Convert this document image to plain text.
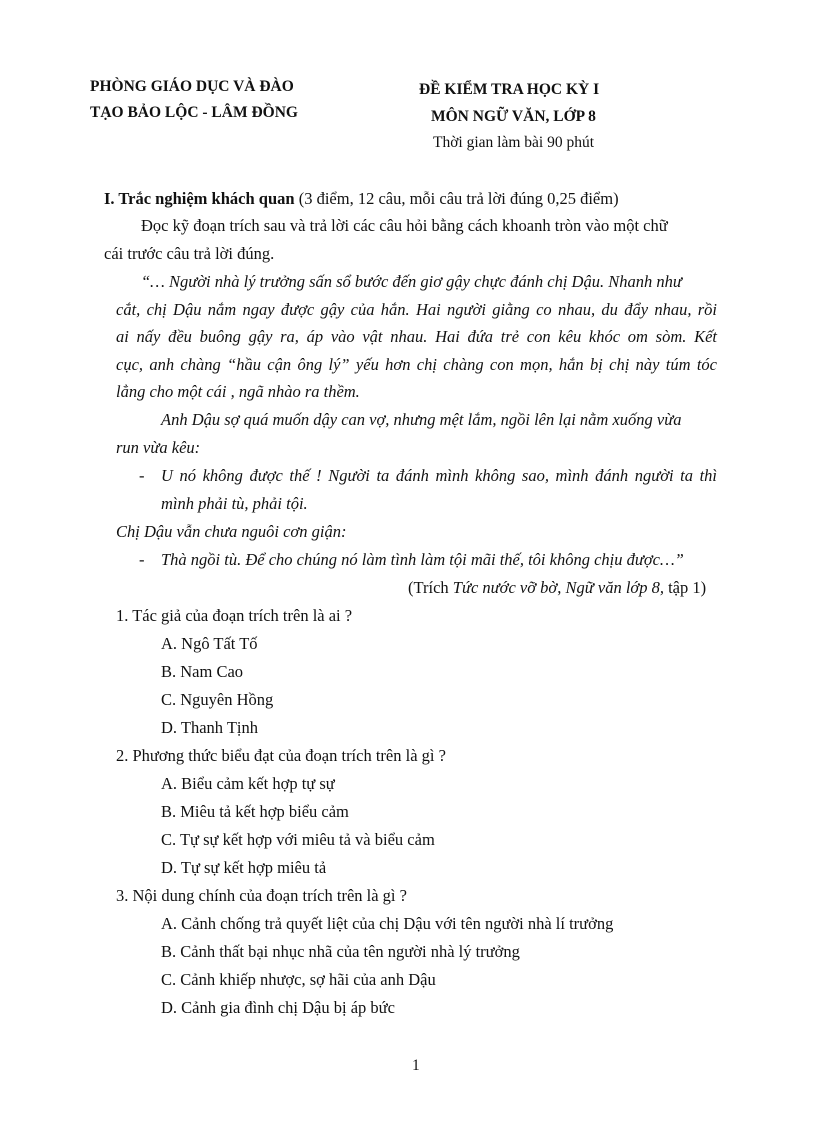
PHÒNG GIÁO DỤC VÀ ĐÀO
TẠO BẢO LỘC - LÂM ĐỒNG
ĐỀ KIỂM TRA HỌC KỲ I
MÔN NGỮ VĂN, LỚP 8
Thời gian làm bài 90 phút
I. Trắc nghiệm khách quan (3 điểm, 12 câu, mỗi câu trả lời đúng 0,25 điểm)
Đọc kỹ đoạn trích sau và trả lời các câu hỏi bằng cách khoanh tròn vào một chữ
cái trước câu trả lời đúng.
“… Người nhà lý trưởng sấn sổ bước đến giơ gậy chực đánh chị Dậu. Nhanh như
cắt, chị Dậu nắm ngay được gậy của hắn. Hai người giằng co nhau, du đẩy nhau, rồi
ai nấy đều buông gậy ra, áp vào vật nhau. Hai đứa trẻ con kêu khóc om sòm. Kết
cục, anh chàng “hầu cận ông lý” yếu hơn chị chàng con mọn, hắn bị chị này túm tóc
lẳng cho một cái , ngã nhào ra thềm.
Anh Dậu sợ quá muốn dậy can vợ, nhưng mệt lắm, ngồi lên lại nằm xuống vừa
run vừa kêu:
- U nó không được thế ! Người ta đánh mình không sao, mình đánh người ta thì
mình phải tù, phải tội.
Chị Dậu vẫn chưa nguôi cơn giận:
- Thà ngồi tù. Để cho chúng nó làm tình làm tội mãi thế, tôi không chịu được…”
(Trích Tức nước vỡ bờ, Ngữ văn lớp 8, tập 1)
1. Tác giả của đoạn trích trên là ai ?
A. Ngô Tất Tố
B. Nam Cao
C. Nguyên Hồng
D. Thanh Tịnh
2. Phương thức biểu đạt của đoạn trích trên là gì ?
A. Biểu cảm kết hợp tự sự
B. Miêu tả kết hợp biểu cảm
C. Tự sự kết hợp với miêu tả và biểu cảm
D. Tự sự kết hợp miêu tả
3. Nội dung chính của đoạn trích trên là gì ?
A. Cảnh chống trả quyết liệt của chị Dậu với tên người nhà lí trưởng
B. Cảnh thất bại nhục nhã của tên người nhà lý trưởng
C. Cảnh khiếp nhược, sợ hãi của anh Dậu
D. Cảnh gia đình chị Dậu bị áp bức
1
